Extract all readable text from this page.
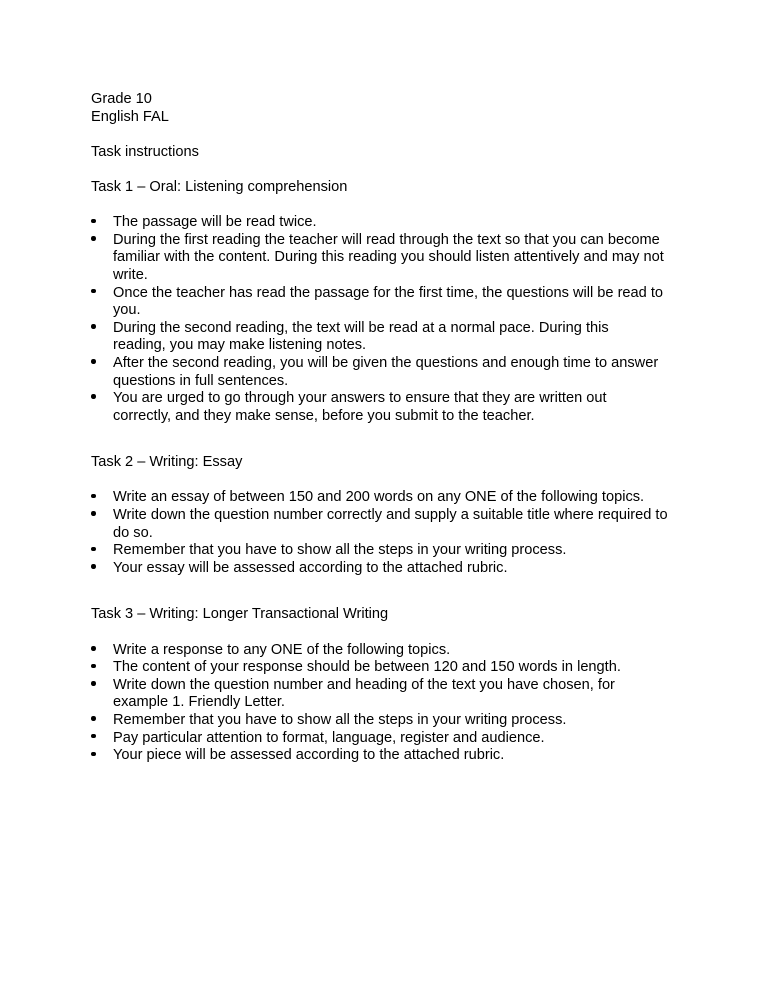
Grade 10

English FAL

Task instructions

Task 1 – Oral: Listening comprehension

The passage will be read twice.
During the first reading the teacher will read through the text so that you can become familiar with the content. During this reading you should listen attentively and may not write.
Once the teacher has read the passage for the first time, the questions will be read to you.
During the second reading, the text will be read at a normal pace. During this reading, you may make listening notes.
After the second reading, you will be given the questions and enough time to answer questions in full sentences.
You are urged to go through your answers to ensure that they are written out correctly, and they make sense, before you submit to the teacher.

Task 2 – Writing: Essay

Write an essay of between 150 and 200 words on any ONE of the following topics.
Write down the question number correctly and supply a suitable title where required to do so.
Remember that you have to show all the steps in your writing process.
Your essay will be assessed according to the attached rubric.

Task 3 – Writing: Longer Transactional Writing

Write a response to any ONE of the following topics.
The content of your response should be between 120 and 150 words in length.
Write down the question number and heading of the text you have chosen, for example 1. Friendly Letter.
Remember that you have to show all the steps in your writing process.
Pay particular attention to format, language, register and audience.
Your piece will be assessed according to the attached rubric.
